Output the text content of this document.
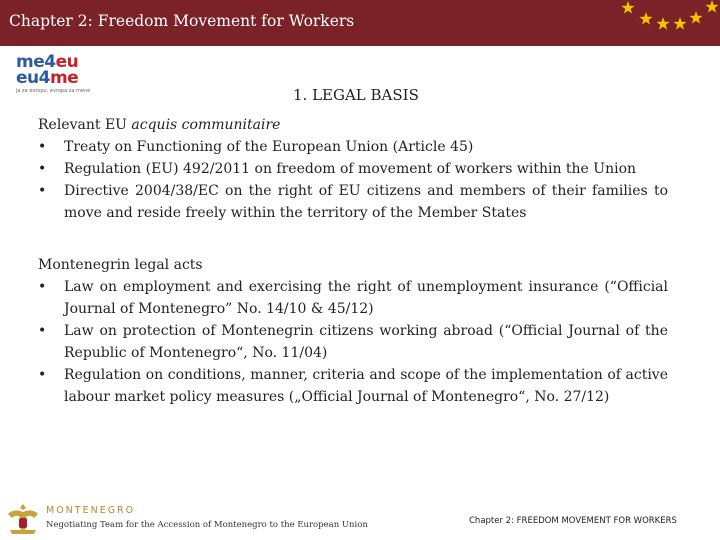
Chapter 2: Freedom Movement for Workers
me4eu
eu4me
ja za evropu, evropa za mene	1. LEGAL BASIS
Relevant EU acquis communitaire
• Treaty on Functioning of the European Union (Article 45)
• Regulation (EU) 492/2011 on freedom of movement of workers within the Union
• Directive 2004/38/EC on the right of EU citizens and members of their families to move and reside freely within the territory of the Member States
Montenegrin legal acts
• Law on employment and exercising the right of unemployment insurance (“Official Journal of Montenegro” No. 14/10 & 45/12)
• Law on protection of Montenegrin citizens working abroad (“Official Journal of the Republic of Montenegro“, No. 11/04)
• Regulation on conditions, manner, criteria and scope of the implementation of active labour market policy measures („Official Journal of Montenegro“, No. 27/12)
MONTENEGRO
Negotiating Team for the Accession of Montenegro to the European Union	Chapter 2: FREEDOM MOVEMENT FOR WORKERS
